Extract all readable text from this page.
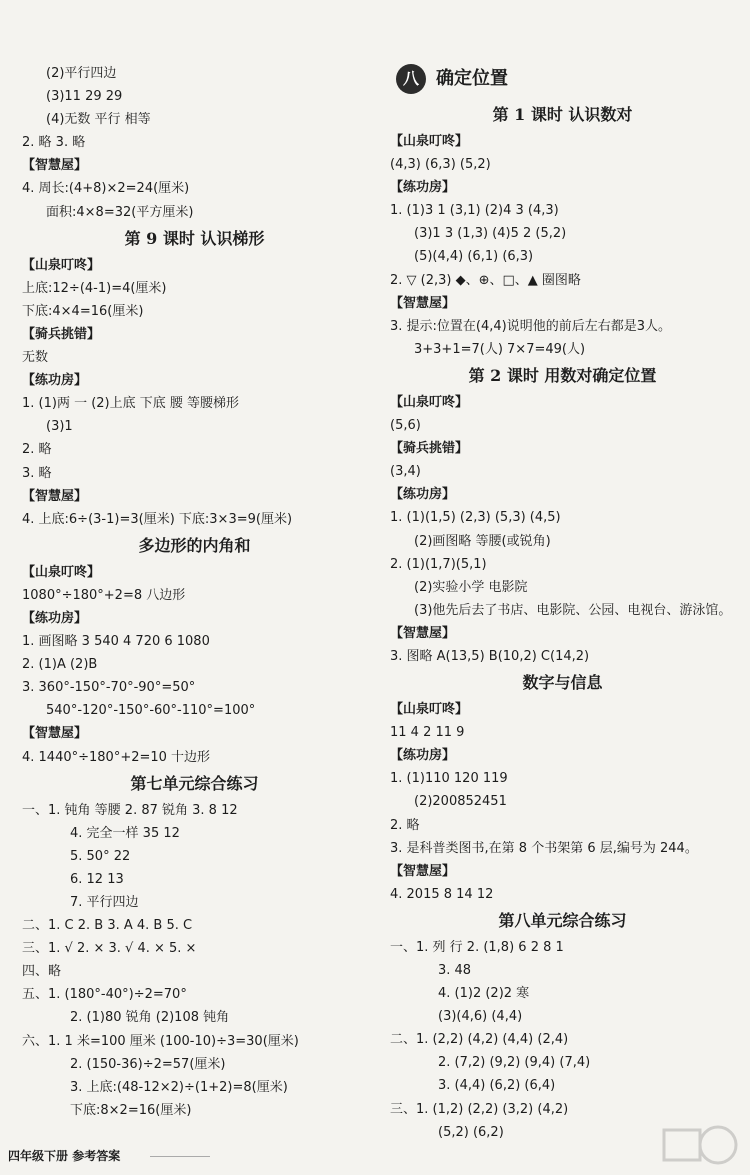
(2)平行四边
(3)11 29 29
(4)无数 平行 相等
2. 略 3. 略
【智慧屋】
4. 周长:(4+8)×2=24(厘米)
面积:4×8=32(平方厘米)
第 9 课时 认识梯形
【山泉叮咚】
上底:12÷(4-1)=4(厘米)
下底:4×4=16(厘米)
【骑兵挑错】
无数
【练功房】
1. (1)两 一 (2)上底 下底 腰 等腰梯形
(3)1
2. 略
3. 略
【智慧屋】
4. 上底:6÷(3-1)=3(厘米) 下底:3×3=9(厘米)
多边形的内角和
【山泉叮咚】
1080°÷180°+2=8 八边形
【练功房】
1. 画图略 3 540 4 720 6 1080
2. (1)A (2)B
3. 360°-150°-70°-90°=50°
540°-120°-150°-60°-110°=100°
【智慧屋】
4. 1440°÷180°+2=10 十边形
第七单元综合练习
一、1. 钝角 等腰 2. 87 锐角 3. 8 12
4. 完全一样 35 12
5. 50° 22
6. 12 13
7. 平行四边
二、1. C 2. B 3. A 4. B 5. C
三、1. √ 2. × 3. √ 4. × 5. ×
四、略
五、1. (180°-40°)÷2=70°
2. (1)80 锐角 (2)108 钝角
六、1. 1 米=100 厘米 (100-10)÷3=30(厘米)
2. (150-36)÷2=57(厘米)
3. 上底:(48-12×2)÷(1+2)=8(厘米)
下底:8×2=16(厘米)
八 确定位置
第 1 课时 认识数对
【山泉叮咚】
(4,3) (6,3) (5,2)
【练功房】
1. (1)3 1 (3,1) (2)4 3 (4,3)
(3)1 3 (1,3) (4)5 2 (5,2)
(5)(4,4) (6,1) (6,3)
2. ▽ (2,3) ◆、⊕、□、▲ 圈图略
【智慧屋】
3. 提示:位置在(4,4)说明他的前后左右都是3人。
3+3+1=7(人) 7×7=49(人)
第 2 课时 用数对确定位置
【山泉叮咚】
(5,6)
【骑兵挑错】
(3,4)
【练功房】
1. (1)(1,5) (2,3) (5,3) (4,5)
(2)画图略 等腰(或锐角)
2. (1)(1,7)(5,1)
(2)实验小学 电影院
(3)他先后去了书店、电影院、公园、电视台、游泳馆。
【智慧屋】
3. 图略 A(13,5) B(10,2) C(14,2)
数字与信息
【山泉叮咚】
11 4 2 11 9
【练功房】
1. (1)110 120 119
(2)200852451
2. 略
3. 是科普类图书,在第 8 个书架第 6 层,编号为 244。
【智慧屋】
4. 2015 8 14 12
第八单元综合练习
一、1. 列 行 2. (1,8) 6 2 8 1
3. 48
4. (1)2 (2)2 寒
(3)(4,6) (4,4)
二、1. (2,2) (4,2) (4,4) (2,4)
2. (7,2) (9,2) (9,4) (7,4)
3. (4,4) (6,2) (6,4)
三、1. (1,2) (2,2) (3,2) (4,2)
(5,2) (6,2)
四年级下册 参考答案
